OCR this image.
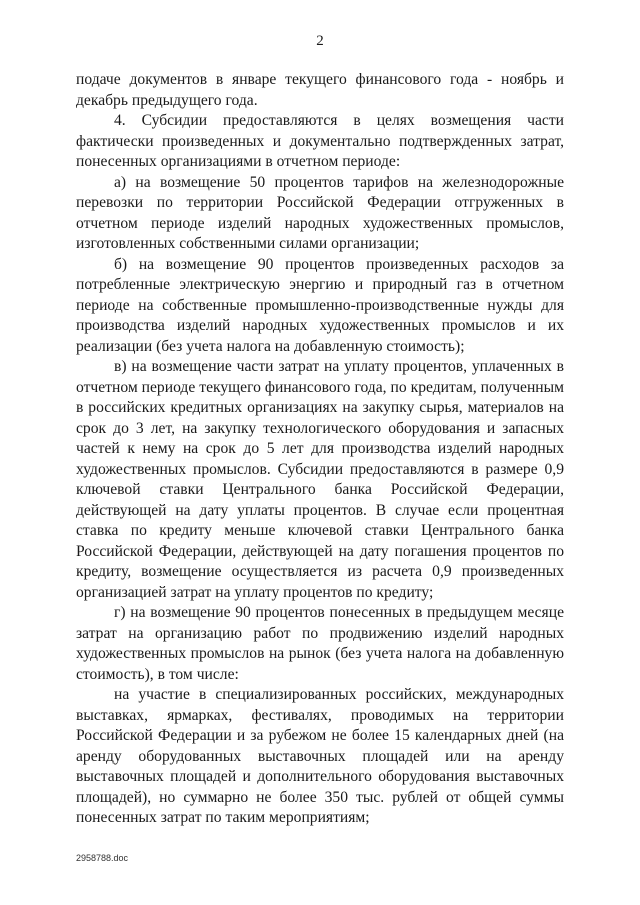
2

подаче документов в январе текущего финансового года - ноябрь и декабрь предыдущего года.

4. Субсидии предоставляются в целях возмещения части фактически произведенных и документально подтвержденных затрат, понесенных организациями в отчетном периоде:

а) на возмещение 50 процентов тарифов на железнодорожные перевозки по территории Российской Федерации отгруженных в отчетном периоде изделий народных художественных промыслов, изготовленных собственными силами организации;

б) на возмещение 90 процентов произведенных расходов за потребленные электрическую энергию и природный газ в отчетном периоде на собственные промышленно-производственные нужды для производства изделий народных художественных промыслов и их реализации (без учета налога на добавленную стоимость);

в) на возмещение части затрат на уплату процентов, уплаченных в отчетном периоде текущего финансового года, по кредитам, полученным в российских кредитных организациях на закупку сырья, материалов на срок до 3 лет, на закупку технологического оборудования и запасных частей к нему на срок до 5 лет для производства изделий народных художественных промыслов. Субсидии предоставляются в размере 0,9 ключевой ставки Центрального банка Российской Федерации, действующей на дату уплаты процентов. В случае если процентная ставка по кредиту меньше ключевой ставки Центрального банка Российской Федерации, действующей на дату погашения процентов по кредиту, возмещение осуществляется из расчета 0,9 произведенных организацией затрат на уплату процентов по кредиту;

г) на возмещение 90 процентов понесенных в предыдущем месяце затрат на организацию работ по продвижению изделий народных художественных промыслов на рынок (без учета налога на добавленную стоимость), в том числе:

на участие в специализированных российских, международных выставках, ярмарках, фестивалях, проводимых на территории Российской Федерации и за рубежом не более 15 календарных дней (на аренду оборудованных выставочных площадей или на аренду выставочных площадей и дополнительного оборудования выставочных площадей), но суммарно не более 350 тыс. рублей от общей суммы понесенных затрат по таким мероприятиям;

2958788.doc
